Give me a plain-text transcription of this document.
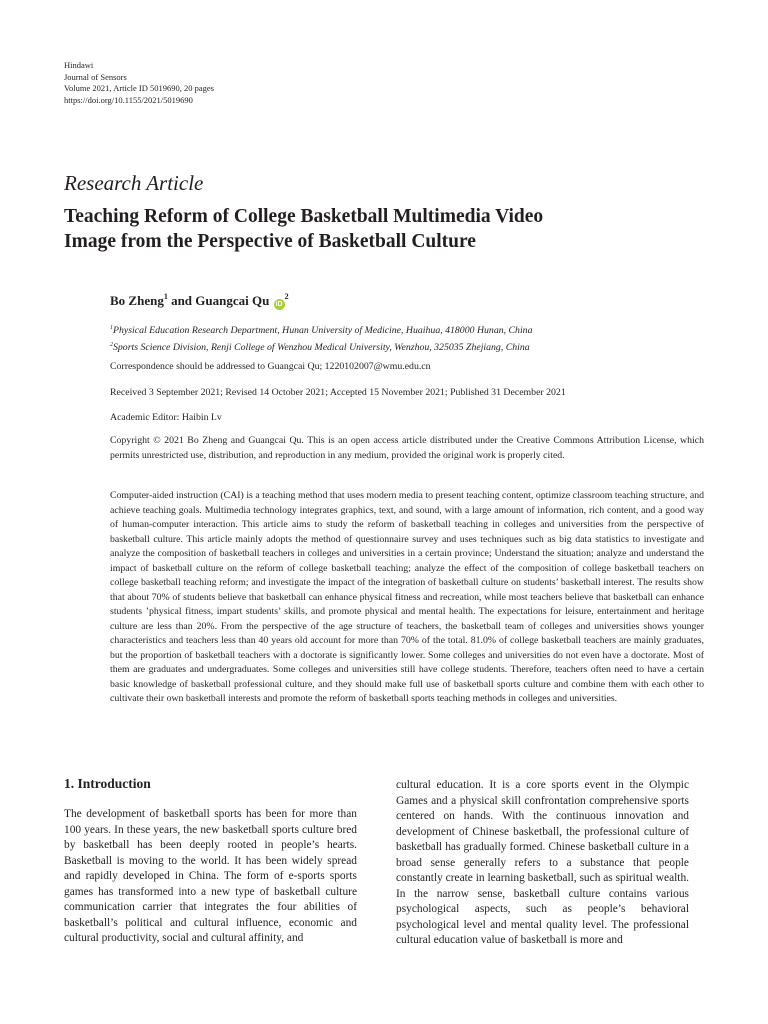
Hindawi
Journal of Sensors
Volume 2021, Article ID 5019690, 20 pages
https://doi.org/10.1155/2021/5019690
Research Article
Teaching Reform of College Basketball Multimedia Video
Image from the Perspective of Basketball Culture
Bo Zheng$^1$ and Guangcai Qu $iD^2$
$^1$Physical Education Research Department, Hunan University of Medicine, Huaihua, 418000 Hunan, China
$^2$Sports Science Division, Renji College of Wenzhou Medical University, Wenzhou, 325035 Zhejiang, China
Correspondence should be addressed to Guangcai Qu; 1220102007@wmu.edu.cn
Received 3 September 2021; Revised 14 October 2021; Accepted 15 November 2021; Published 31 December 2021
Academic Editor: Haibin Lv
Copyright © 2021 Bo Zheng and Guangcai Qu. This is an open access article distributed under the Creative Commons Attribution License, which permits unrestricted use, distribution, and reproduction in any medium, provided the original work is properly cited.
Computer-aided instruction (CAI) is a teaching method that uses modern media to present teaching content, optimize classroom teaching structure, and achieve teaching goals. Multimedia technology integrates graphics, text, and sound, with a large amount of information, rich content, and a good way of human-computer interaction. This article aims to study the reform of basketball teaching in colleges and universities from the perspective of basketball culture. This article mainly adopts the method of questionnaire survey and uses techniques such as big data statistics to investigate and analyze the composition of basketball teachers in colleges and universities in a certain province; Understand the situation; analyze and understand the impact of basketball culture on the reform of college basketball teaching; analyze the effect of the composition of college basketball teachers on college basketball teaching reform; and investigate the impact of the integration of basketball culture on students’ basketball interest. The results show that about 70% of students believe that basketball can enhance physical fitness and recreation, while most teachers believe that basketball can enhance students ’physical fitness, impart students’ skills, and promote physical and mental health. The expectations for leisure, entertainment and heritage culture are less than 20%. From the perspective of the age structure of teachers, the basketball team of colleges and universities shows younger characteristics and teachers less than 40 years old account for more than 70% of the total. 81.0% of college basketball teachers are mainly graduates, but the proportion of basketball teachers with a doctorate is significantly lower. Some colleges and universities do not even have a doctorate. Most of them are graduates and undergraduates. Some colleges and universities still have college students. Therefore, teachers often need to have a certain basic knowledge of basketball professional culture, and they should make full use of basketball sports culture and combine them with each other to cultivate their own basketball interests and promote the reform of basketball sports teaching methods in colleges and universities.
1. Introduction
The development of basketball sports has been for more than 100 years. In these years, the new basketball sports culture bred by basketball has been deeply rooted in people’s hearts. Basketball is moving to the world. It has been widely spread and rapidly developed in China. The form of e-sports sports games has transformed into a new type of basketball culture communication carrier that integrates the four abilities of basketball’s political and cultural influence, economic and cultural productivity, social and cultural affinity, and
cultural education. It is a core sports event in the Olympic Games and a physical skill confrontation comprehensive sports centered on hands. With the continuous innovation and development of Chinese basketball, the professional culture of basketball has gradually formed. Chinese basketball culture in a broad sense generally refers to a substance that people constantly create in learning basketball, such as spiritual wealth. In the narrow sense, basketball culture contains various psychological aspects, such as people’s behavioral psychological level and mental quality level. The professional cultural education value of basketball is more and
